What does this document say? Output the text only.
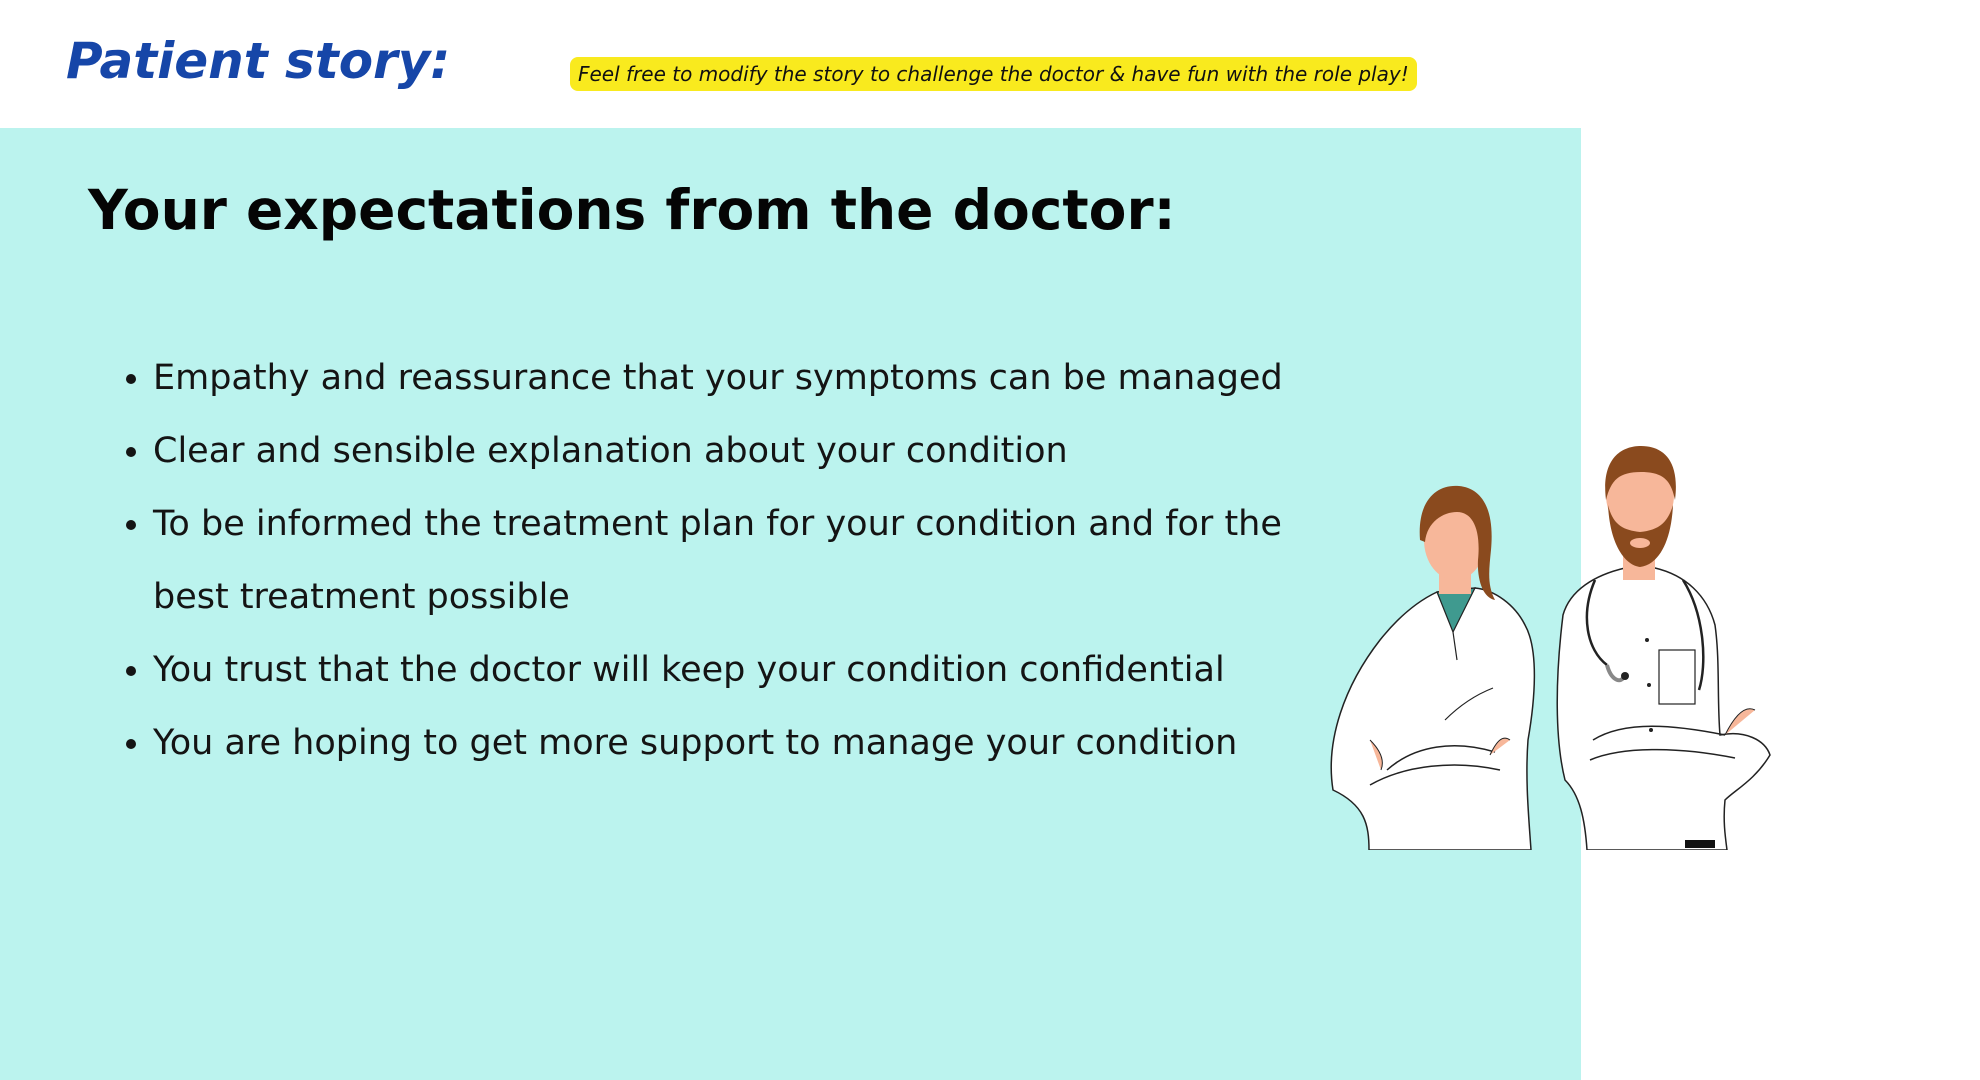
Patient story:	Feel free to modify the story to challenge the doctor & have fun with the role play!
Your expectations from the doctor:
• Empathy and reassurance that your symptoms can be managed
• Clear and sensible explanation about your condition
• To be informed the treatment plan for your condition and for the best treatment possible
• You trust that the doctor will keep your condition confidential
• You are hoping to get more support to manage your condition
